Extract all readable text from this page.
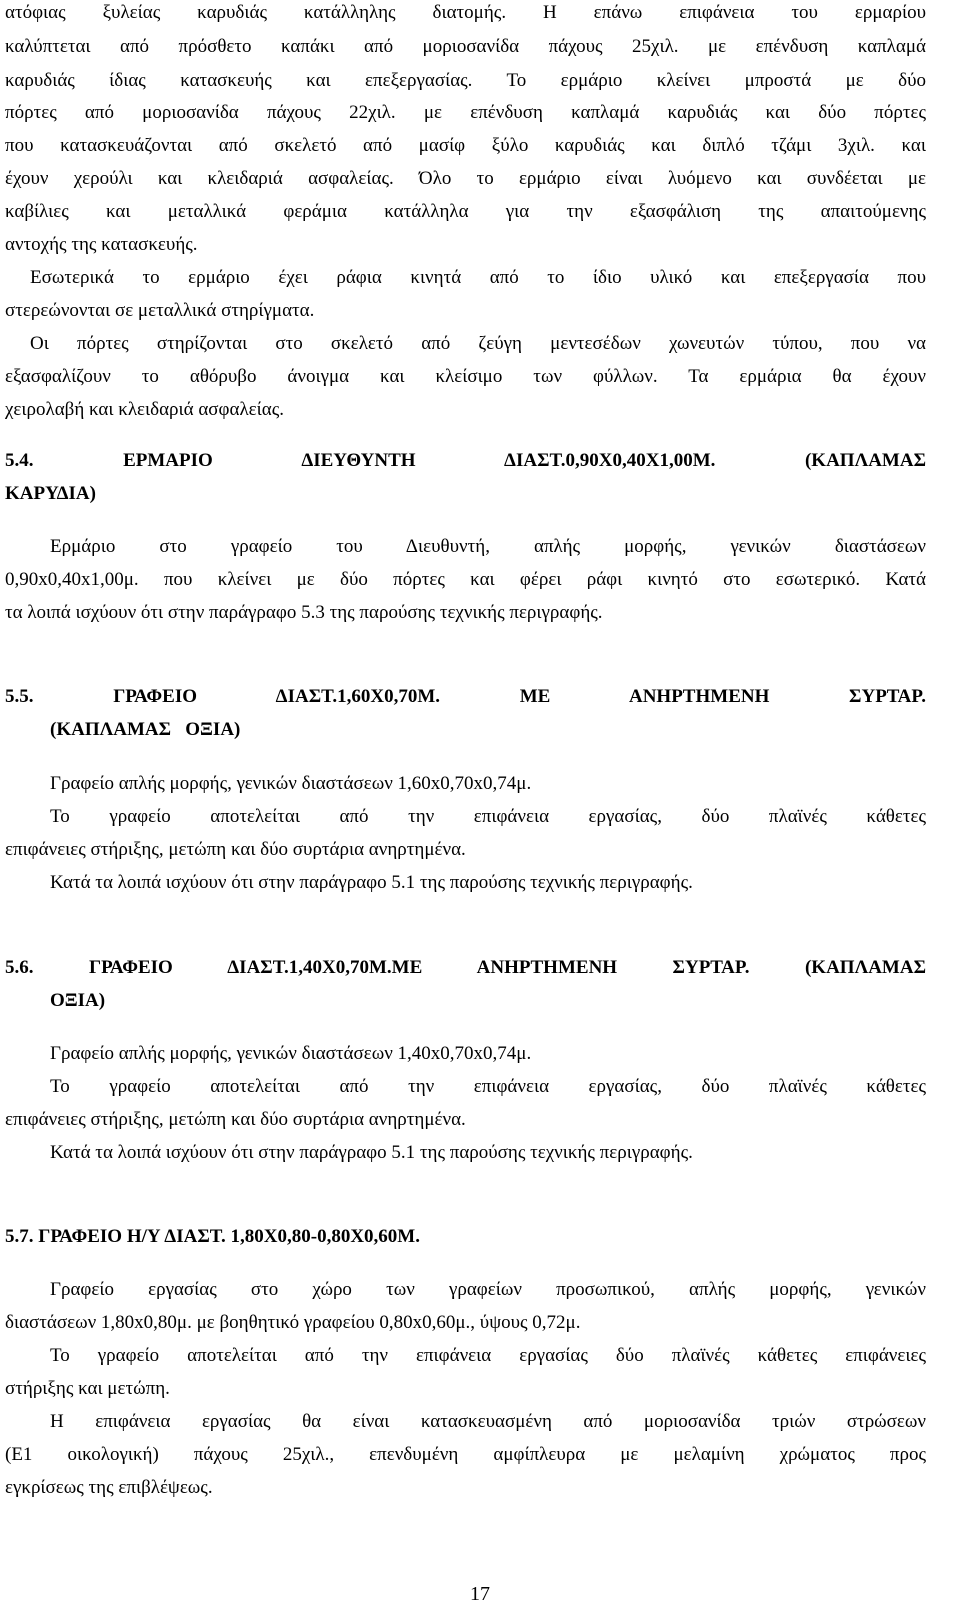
ατόφιας ξυλείας καρυδιάς κατάλληλης διατομής. Η επάνω επιφάνεια του ερμαρίου
καλύπτεται από πρόσθετο καπάκι από μοριοσανίδα πάχους 25χιλ. με επένδυση καπλαμά
καρυδιάς ίδιας κατασκευής και επεξεργασίας. Το ερμάριο κλείνει μπροστά με δύο
πόρτες από μοριοσανίδα πάχους 22χιλ. με επένδυση καπλαμά καρυδιάς και δύο πόρτες
που κατασκευάζονται από σκελετό από μασίφ ξύλο καρυδιάς και διπλό τζάμι 3χιλ. και
έχουν χερούλι και κλειδαριά ασφαλείας. Όλο το ερμάριο είναι λυόμενο και συνδέεται με
καβίλιες και μεταλλικά φεράμια κατάλληλα για την εξασφάλιση της απαιτούμενης
αντοχής της κατασκευής.
Εσωτερικά το ερμάριο έχει ράφια κινητά από το ίδιο υλικό και επεξεργασία που
στερεώνονται σε μεταλλικά στηρίγματα.
Οι πόρτες στηρίζονται στο σκελετό από ζεύγη μεντεσέδων χωνευτών τύπου, που να
εξασφαλίζουν το αθόρυβο άνοιγμα και κλείσιμο των φύλλων. Τα ερμάρια θα έχουν
χειρολαβή και κλειδαριά ασφαλείας.
5.4.   ΕΡΜΑΡΙΟ   ΔΙΕΥΘΥΝΤΗ   ΔΙΑΣΤ.0,90Χ0,40Χ1,00Μ.   (ΚΑΠΛΑΜΑΣ
ΚΑΡΥΔΙΑ)
Ερμάριο στο γραφείο του Διευθυντή, απλής μορφής, γενικών διαστάσεων
0,90x0,40x1,00μ. που κλείνει με δύο πόρτες και φέρει ράφι κινητό στο εσωτερικό. Κατά
τα λοιπά ισχύουν ότι στην παράγραφο 5.3 της παρούσης τεχνικής περιγραφής.
5.5.   ΓΡΑΦΕΙΟ   ΔΙΑΣΤ.1,60Χ0,70Μ.   ΜΕ   ΑΝΗΡΤΗΜΕΝΗ   ΣΥΡΤΑΡ.
(ΚΑΠΛΑΜΑΣ   ΟΞΙΑ)
Γραφείο απλής μορφής, γενικών διαστάσεων 1,60x0,70x0,74μ.
Το γραφείο αποτελείται από την επιφάνεια εργασίας, δύο πλαϊνές κάθετες
επιφάνειες στήριξης, μετώπη και δύο συρτάρια ανηρτημένα.
Κατά τα λοιπά ισχύουν ότι στην παράγραφο 5.1 της παρούσης τεχνικής περιγραφής.
5.6. ΓΡΑΦΕΙΟ ΔΙΑΣΤ.1,40Χ0,70Μ.ΜΕ ΑΝΗΡΤΗΜΕΝΗ ΣΥΡΤΑΡ. (ΚΑΠΛΑΜΑΣ
ΟΞΙΑ)
Γραφείο απλής μορφής, γενικών διαστάσεων 1,40x0,70x0,74μ.
Το γραφείο αποτελείται από την επιφάνεια εργασίας, δύο πλαϊνές κάθετες
επιφάνειες στήριξης, μετώπη και δύο συρτάρια ανηρτημένα.
Κατά τα λοιπά ισχύουν ότι στην παράγραφο 5.1 της παρούσης τεχνικής περιγραφής.
5.7. ΓΡΑΦΕΙΟ Η/Υ ΔΙΑΣΤ. 1,80Χ0,80-0,80Χ0,60Μ.
Γραφείο εργασίας στο χώρο των γραφείων προσωπικού, απλής μορφής, γενικών
διαστάσεων 1,80x0,80μ. με βοηθητικό γραφείου 0,80x0,60μ., ύψους 0,72μ.
Το γραφείο αποτελείται από την επιφάνεια εργασίας δύο πλαϊνές κάθετες επιφάνειες
στήριξης και μετώπη.
Η επιφάνεια εργασίας θα είναι κατασκευασμένη από μοριοσανίδα τριών στρώσεων
(Ε1 οικολογική) πάχους 25χιλ., επενδυμένη αμφίπλευρα με μελαμίνη χρώματος προς
εγκρίσεως της επιβλέψεως.
17
